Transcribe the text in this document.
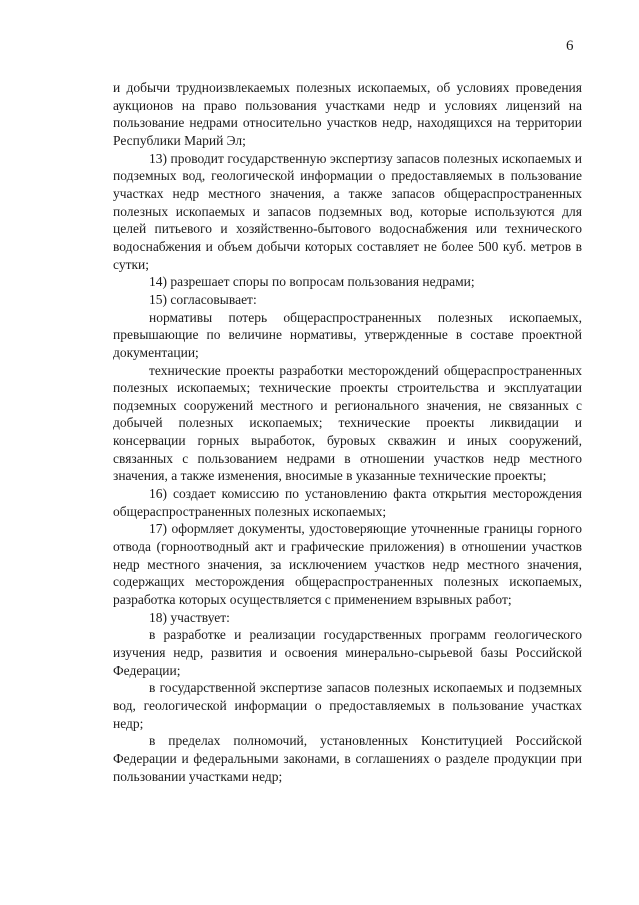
6

и добычи трудноизвлекаемых полезных ископаемых, об условиях проведения аукционов на право пользования участками недр и условиях лицензий на пользование недрами относительно участков недр, находящихся на территории Республики Марий Эл;

13) проводит государственную экспертизу запасов полезных ископаемых и подземных вод, геологической информации о предоставляемых в пользование участках недр местного значения, а также запасов общераспространенных полезных ископаемых и запасов подземных вод, которые используются для целей питьевого и хозяйственно-бытового водоснабжения или технического водоснабжения и объем добычи которых составляет не более 500 куб. метров в сутки;

14) разрешает споры по вопросам пользования недрами;

15) согласовывает:

нормативы потерь общераспространенных полезных ископаемых, превышающие по величине нормативы, утвержденные в составе проектной документации;

технические проекты разработки месторождений общераспространенных полезных ископаемых; технические проекты строительства и эксплуатации подземных сооружений местного и регионального значения, не связанных с добычей полезных ископаемых; технические проекты ликвидации и консервации горных выработок, буровых скважин и иных сооружений, связанных с пользованием недрами в отношении участков недр местного значения, а также изменения, вносимые в указанные технические проекты;

16) создает комиссию по установлению факта открытия месторождения общераспространенных полезных ископаемых;

17) оформляет документы, удостоверяющие уточненные границы горного отвода (горноотводный акт и графические приложения) в отношении участков недр местного значения, за исключением участков недр местного значения, содержащих месторождения общераспространенных полезных ископаемых, разработка которых осуществляется с применением взрывных работ;

18) участвует:

в разработке и реализации государственных программ геологического изучения недр, развития и освоения минерально-сырьевой базы Российской Федерации;

в государственной экспертизе запасов полезных ископаемых и подземных вод, геологической информации о предоставляемых в пользование участках недр;

в пределах полномочий, установленных Конституцией Российской Федерации и федеральными законами, в соглашениях о разделе продукции при пользовании участками недр;
